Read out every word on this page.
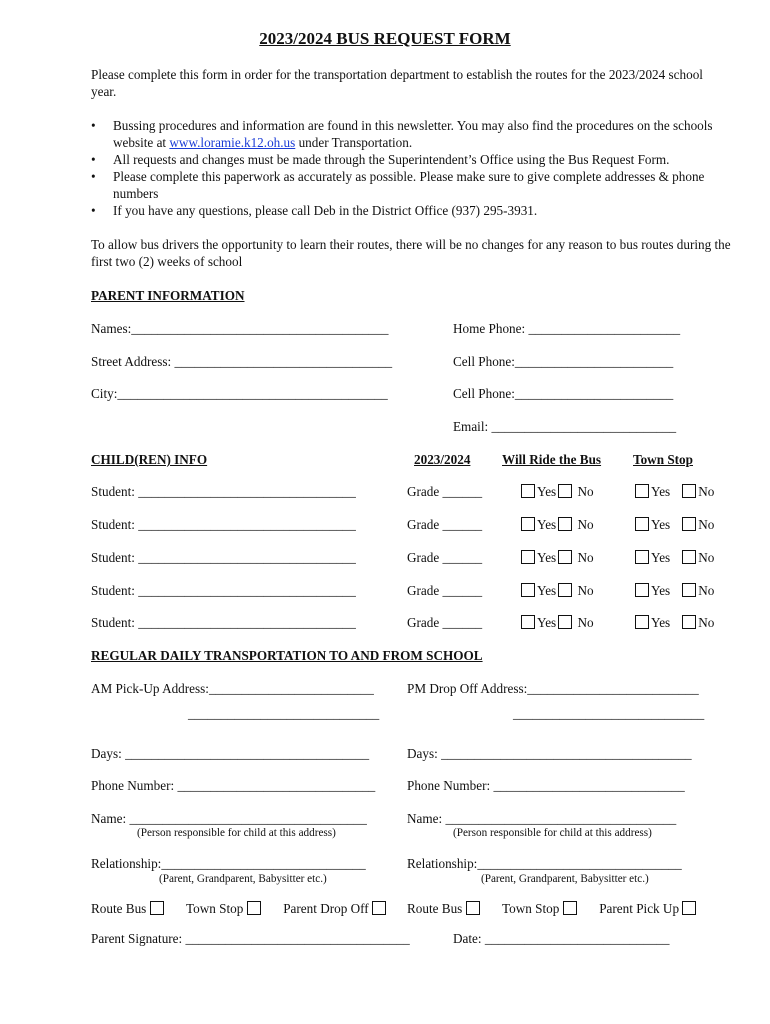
2023/2024 BUS REQUEST FORM
Please complete this form in order for the transportation department to establish the routes for the 2023/2024 school year.
• Bussing procedures and information are found in this newsletter. You may also find the procedures on the schools website at www.loramie.k12.oh.us under Transportation.
• All requests and changes must be made through the Superintendent’s Office using the Bus Request Form.
• Please complete this paperwork as accurately as possible. Please make sure to give complete addresses & phone numbers
• If you have any questions, please call Deb in the District Office (937) 295-3931.
To allow bus drivers the opportunity to learn their routes, there will be no changes for any reason to bus routes during the first two (2) weeks of school
PARENT INFORMATION
Names:_______________________________________	Home Phone: _______________________
Street Address: _________________________________	Cell Phone:________________________
City:_________________________________________	Cell Phone:________________________
Email: ____________________________
CHILD(REN) INFO	2023/2024 Will Ride the Bus Town Stop
Student: _________________________________	Grade ______	Yes No	Yes No
Student: _________________________________	Grade ______	Yes No	Yes No
Student: _________________________________	Grade ______	Yes No	Yes No
Student: _________________________________	Grade ______	Yes No	Yes No
Student: _________________________________	Grade ______	Yes No	Yes No
REGULAR DAILY TRANSPORTATION TO AND FROM SCHOOL
AM Pick-Up Address:_________________________	PM Drop Off Address:__________________________
_____________________________	_____________________________
Days: _____________________________________	Days: ______________________________________
Phone Number: ______________________________ Phone Number: _____________________________
Name: ____________________________________	Name: ___________________________________
(Person responsible for child at this address)	(Person responsible for child at this address)
Relationship:_______________________________	Relationship:_______________________________
(Parent, Grandparent, Babysitter etc.)	(Parent, Grandparent, Babysitter etc.)
Route Bus	Town Stop	Parent Drop Off	Route Bus	Town Stop	Parent Pick Up
Parent Signature: __________________________________	Date: ____________________________
